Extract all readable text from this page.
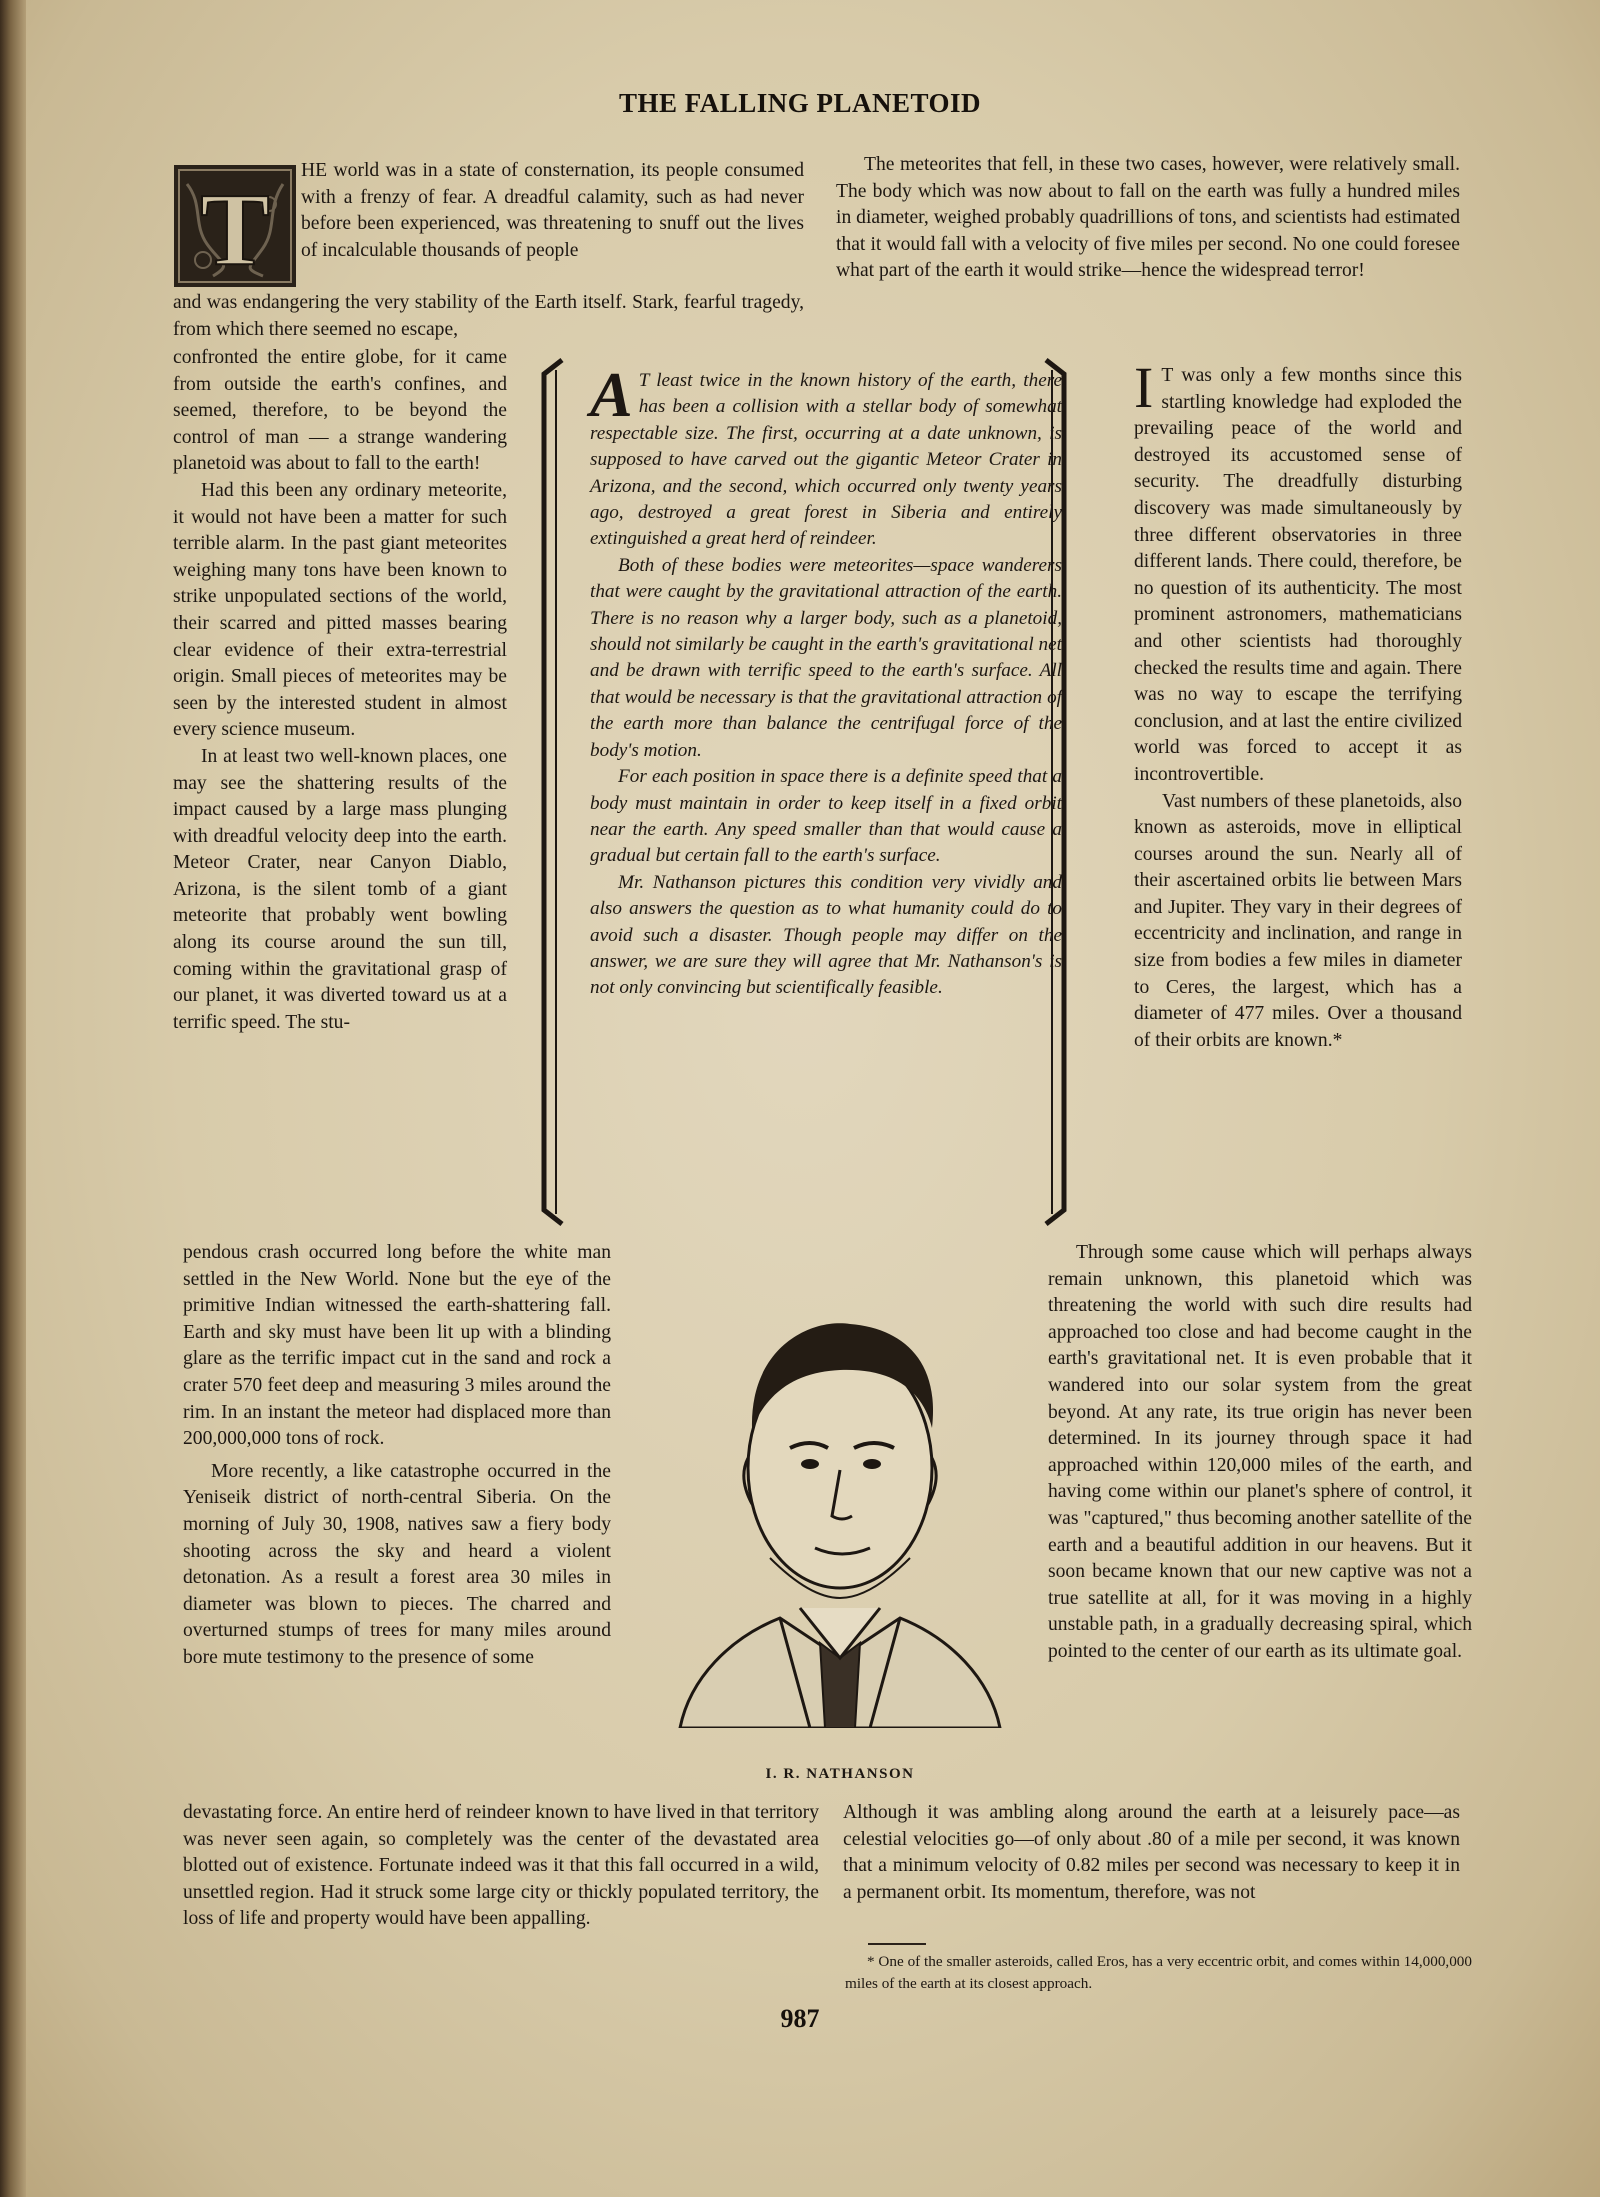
THE FALLING PLANETOID
T

HE world was in a state of consternation, its people consumed with a frenzy of fear. A dreadful calamity, such as had never before been experienced, was threatening to snuff out the lives of incalculable thousands of people

and was endangering the very stability of the Earth itself. Stark, fearful tragedy, from which there seemed no escape,

confronted the entire globe, for it came from outside the earth's confines, and seemed, therefore, to be beyond the control of man — a strange wandering planetoid was about to fall to the earth!

Had this been any ordinary meteorite, it would not have been a matter for such terrible alarm. In the past giant meteorites weighing many tons have been known to strike unpopulated sections of the world, their scarred and pitted masses bearing clear evidence of their extra-terrestrial origin. Small pieces of meteorites may be seen by the interested student in almost every science museum.

In at least two well-known places, one may see the shattering results of the impact caused by a large mass plunging with dreadful velocity deep into the earth. Meteor Crater, near Canyon Diablo, Arizona, is the silent tomb of a giant meteorite that probably went bowling along its course around the sun till, coming within the gravitational grasp of our planet, it was diverted toward us at a terrific speed. The stu-

pendous crash occurred long before the white man settled in the New World. None but the eye of the primitive Indian witnessed the earth-shattering fall. Earth and sky must have been lit up with a blinding glare as the terrific impact cut in the sand and rock a crater 570 feet deep and measuring 3 miles around the rim. In an instant the meteor had displaced more than 200,000,000 tons of rock.

More recently, a like catastrophe occurred in the Yeniseik district of north-central Siberia. On the morning of July 30, 1908, natives saw a fiery body shooting across the sky and heard a violent detonation. As a result a forest area 30 miles in diameter was blown to pieces. The charred and overturned stumps of trees for many miles around bore mute testimony to the presence of some

devastating force. An entire herd of reindeer known to have lived in that territory was never seen again, so completely was the center of the devastated area blotted out of existence. Fortunate indeed was it that this fall occurred in a wild, unsettled region. Had it struck some large city or thickly populated territory, the loss of life and property would have been appalling.

The meteorites that fell, in these two cases, however, were relatively small. The body which was now about to fall on the earth was fully a hundred miles in diameter, weighed probably quadrillions of tons, and scientists had estimated that it would fall with a velocity of five miles per second. No one could foresee what part of the earth it would strike—hence the widespread terror!

A T least twice in the known history of the earth, there has been a collision with a stellar body of somewhat respectable size. The first, occurring at a date unknown, is supposed to have carved out the gigantic Meteor Crater in Arizona, and the second, which occurred only twenty years ago, destroyed a great forest in Siberia and entirely extinguished a great herd of reindeer.

Both of these bodies were meteorites—space wanderers that were caught by the gravitational attraction of the earth. There is no reason why a larger body, such as a planetoid, should not similarly be caught in the earth's gravitational net and be drawn with terrific speed to the earth's surface. All that would be necessary is that the gravitational attraction of the earth more than balance the centrifugal force of the body's motion.

For each position in space there is a definite speed that a body must maintain in order to keep itself in a fixed orbit near the earth. Any speed smaller than that would cause a gradual but certain fall to the earth's surface.

Mr. Nathanson pictures this condition very vividly and also answers the question as to what humanity could do to avoid such a disaster. Though people may differ on the answer, we are sure they will agree that Mr. Nathanson's is not only convincing but scientifically feasible.

I T was only a few months since this startling knowledge had exploded the prevailing peace of the world and destroyed its accustomed sense of security. The dreadfully disturbing discovery was made simultaneously by three different observatories in three different lands. There could, therefore, be no question of its authenticity. The most prominent astronomers, mathematicians and other scientists had thoroughly checked the results time and again. There was no way to escape the terrifying conclusion, and at last the entire civilized world was forced to accept it as incontrovertible.

Vast numbers of these planetoids, also known as asteroids, move in elliptical courses around the sun. Nearly all of their ascertained orbits lie between Mars and Jupiter. They vary in their degrees of eccentricity and inclination, and range in size from bodies a few miles in diameter to Ceres, the largest, which has a diameter of 477 miles. Over a thousand of their orbits are known.*

Through some cause which will perhaps always remain unknown, this planetoid which was threatening the world with such dire results had approached too close and had become caught in the earth's gravitational net. It is even probable that it wandered into our solar system from the great beyond. At any rate, its true origin has never been determined. In its journey through space it had approached within 120,000 miles of the earth, and having come within our planet's sphere of control, it was "captured," thus becoming another satellite of the earth and a beautiful addition in our heavens. But it soon became known that our new captive was not a true satellite at all, for it was moving in a highly unstable path, in a gradually decreasing spiral, which pointed to the center of our earth as its ultimate goal.

Although it was ambling along around the earth at a leisurely pace—as celestial velocities go—of only about .80 of a mile per second, it was known that a minimum velocity of 0.82 miles per second was necessary to keep it in a permanent orbit. Its momentum, therefore, was not

I. R. NATHANSON
* One of the smaller asteroids, called Eros, has a very eccentric orbit, and comes within 14,000,000 miles of the earth at its closest approach.
987
